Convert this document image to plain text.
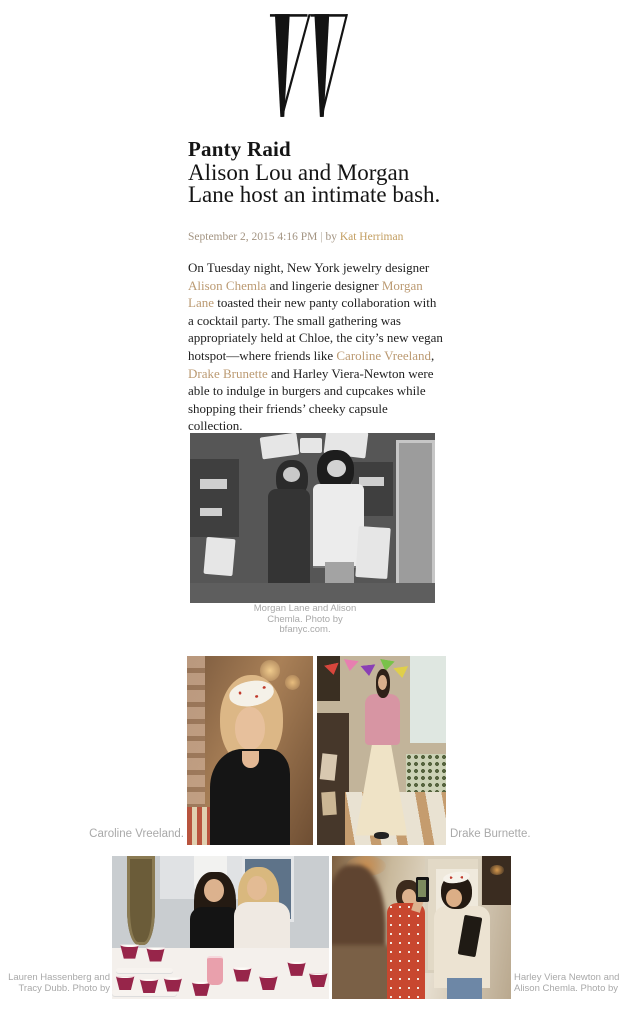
Panty Raid
Alison Lou and Morgan
Lane host an intimate bash.
September 2, 2015 4:16 PM | by Kat Herriman

On Tuesday night, New York jewelry designer Alison Chemla and lingerie designer Morgan Lane toasted their new panty collaboration with a cocktail party. The small gathering was appropriately held at Chloe, the city’s new vegan hotspot—where friends like Caroline Vreeland, Drake Brunette and Harley Viera-Newton were able to indulge in burgers and cupcakes while shopping their friends’ cheeky capsule collection.

Morgan Lane and Alison
Chemla. Photo by
bfanyc.com.
Caroline Vreeland.	Drake Burnette.
Lauren Hassenberg and
Tracy Dubb. Photo by
Harley Viera Newton and
Alison Chemla. Photo by
